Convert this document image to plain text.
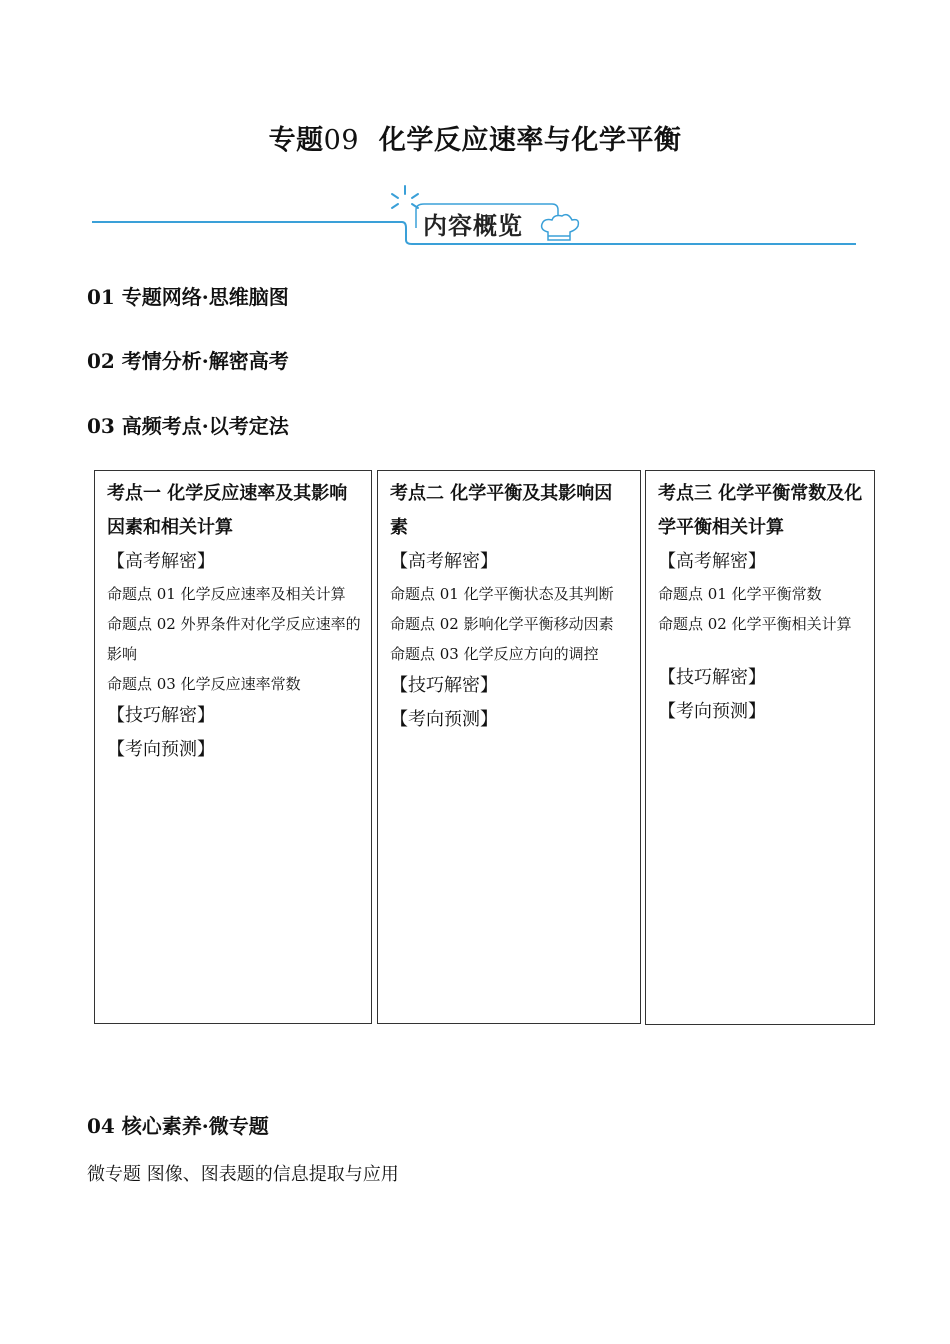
专题09 化学反应速率与化学平衡
内容概览
01 专题网络·思维脑图
02 考情分析·解密高考
03 高频考点·以考定法
考点一 化学反应速率及其影响因素和相关计算
【高考解密】
命题点 01 化学反应速率及相关计算
命题点 02 外界条件对化学反应速率的影响
命题点 03 化学反应速率常数
【技巧解密】
【考向预测】
考点二 化学平衡及其影响因素
【高考解密】
命题点 01 化学平衡状态及其判断
命题点 02 影响化学平衡移动因素
命题点 03 化学反应方向的调控
【技巧解密】
【考向预测】
考点三 化学平衡常数及化学平衡相关计算
【高考解密】
命题点 01 化学平衡常数
命题点 02 化学平衡相关计算
【技巧解密】
【考向预测】
04 核心素养·微专题
微专题 图像、图表题的信息提取与应用
